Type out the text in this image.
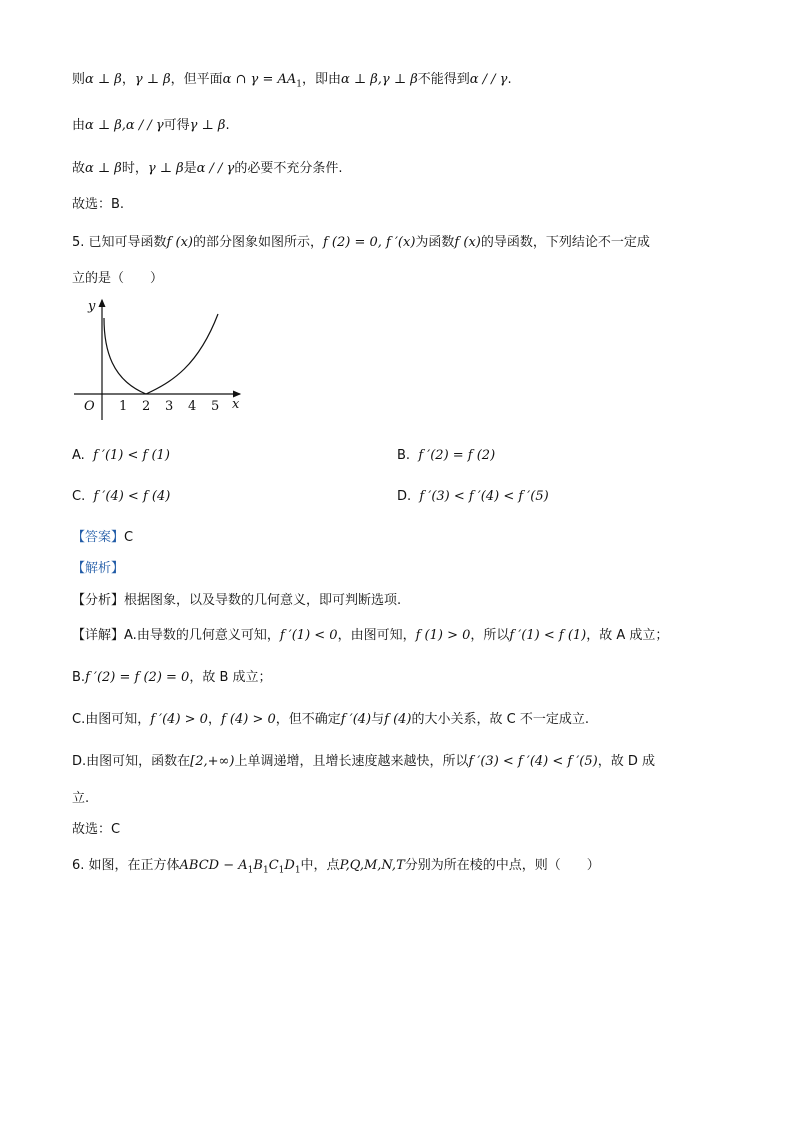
则α ⊥ β，γ ⊥ β，但平面α ∩ $\gamma = AA_1$，即由α ⊥ β,γ ⊥ β不能得到α / / γ.
由α ⊥ β,α / / γ可得γ ⊥ β.
故α ⊥ β时，γ ⊥ β是α / / γ的必要不充分条件.
故选：B.
5. 已知可导函数f (x)的部分图象如图所示，f (2) = 0, f ′(x)为函数f (x)的导函数，下列结论不一定成
立的是（　　）
y
x
O 1 2 3 4 5
A. f ′(1) < f (1)	B. f ′(2) = f (2)
C. f ′(4) < f (4)	D. f ′(3) < f ′(4) < f ′(5)
【答案】C
【解析】
【分析】根据图象，以及导数的几何意义，即可判断选项.
【详解】A.由导数的几何意义可知，f ′(1) < 0，由图可知，f (1) > 0，所以f ′(1) < f (1)，故 A 成立；
B.f ′(2) = f (2) = 0，故 B 成立；
C.由图可知，f ′(4) > 0，f (4) > 0，但不确定f ′(4)与f (4)的大小关系，故 C 不一定成立.
D.由图可知，函数在[2,+∞)上单调递增，且增长速度越来越快，所以f ′(3) < f ′(4) < f ′(5)，故 D 成
立.
故选：C
6. 如图，在正方体ABCD − $A_1B_1C_1D_1$中，点P,Q,M,N,T分别为所在棱的中点，则（　　）
